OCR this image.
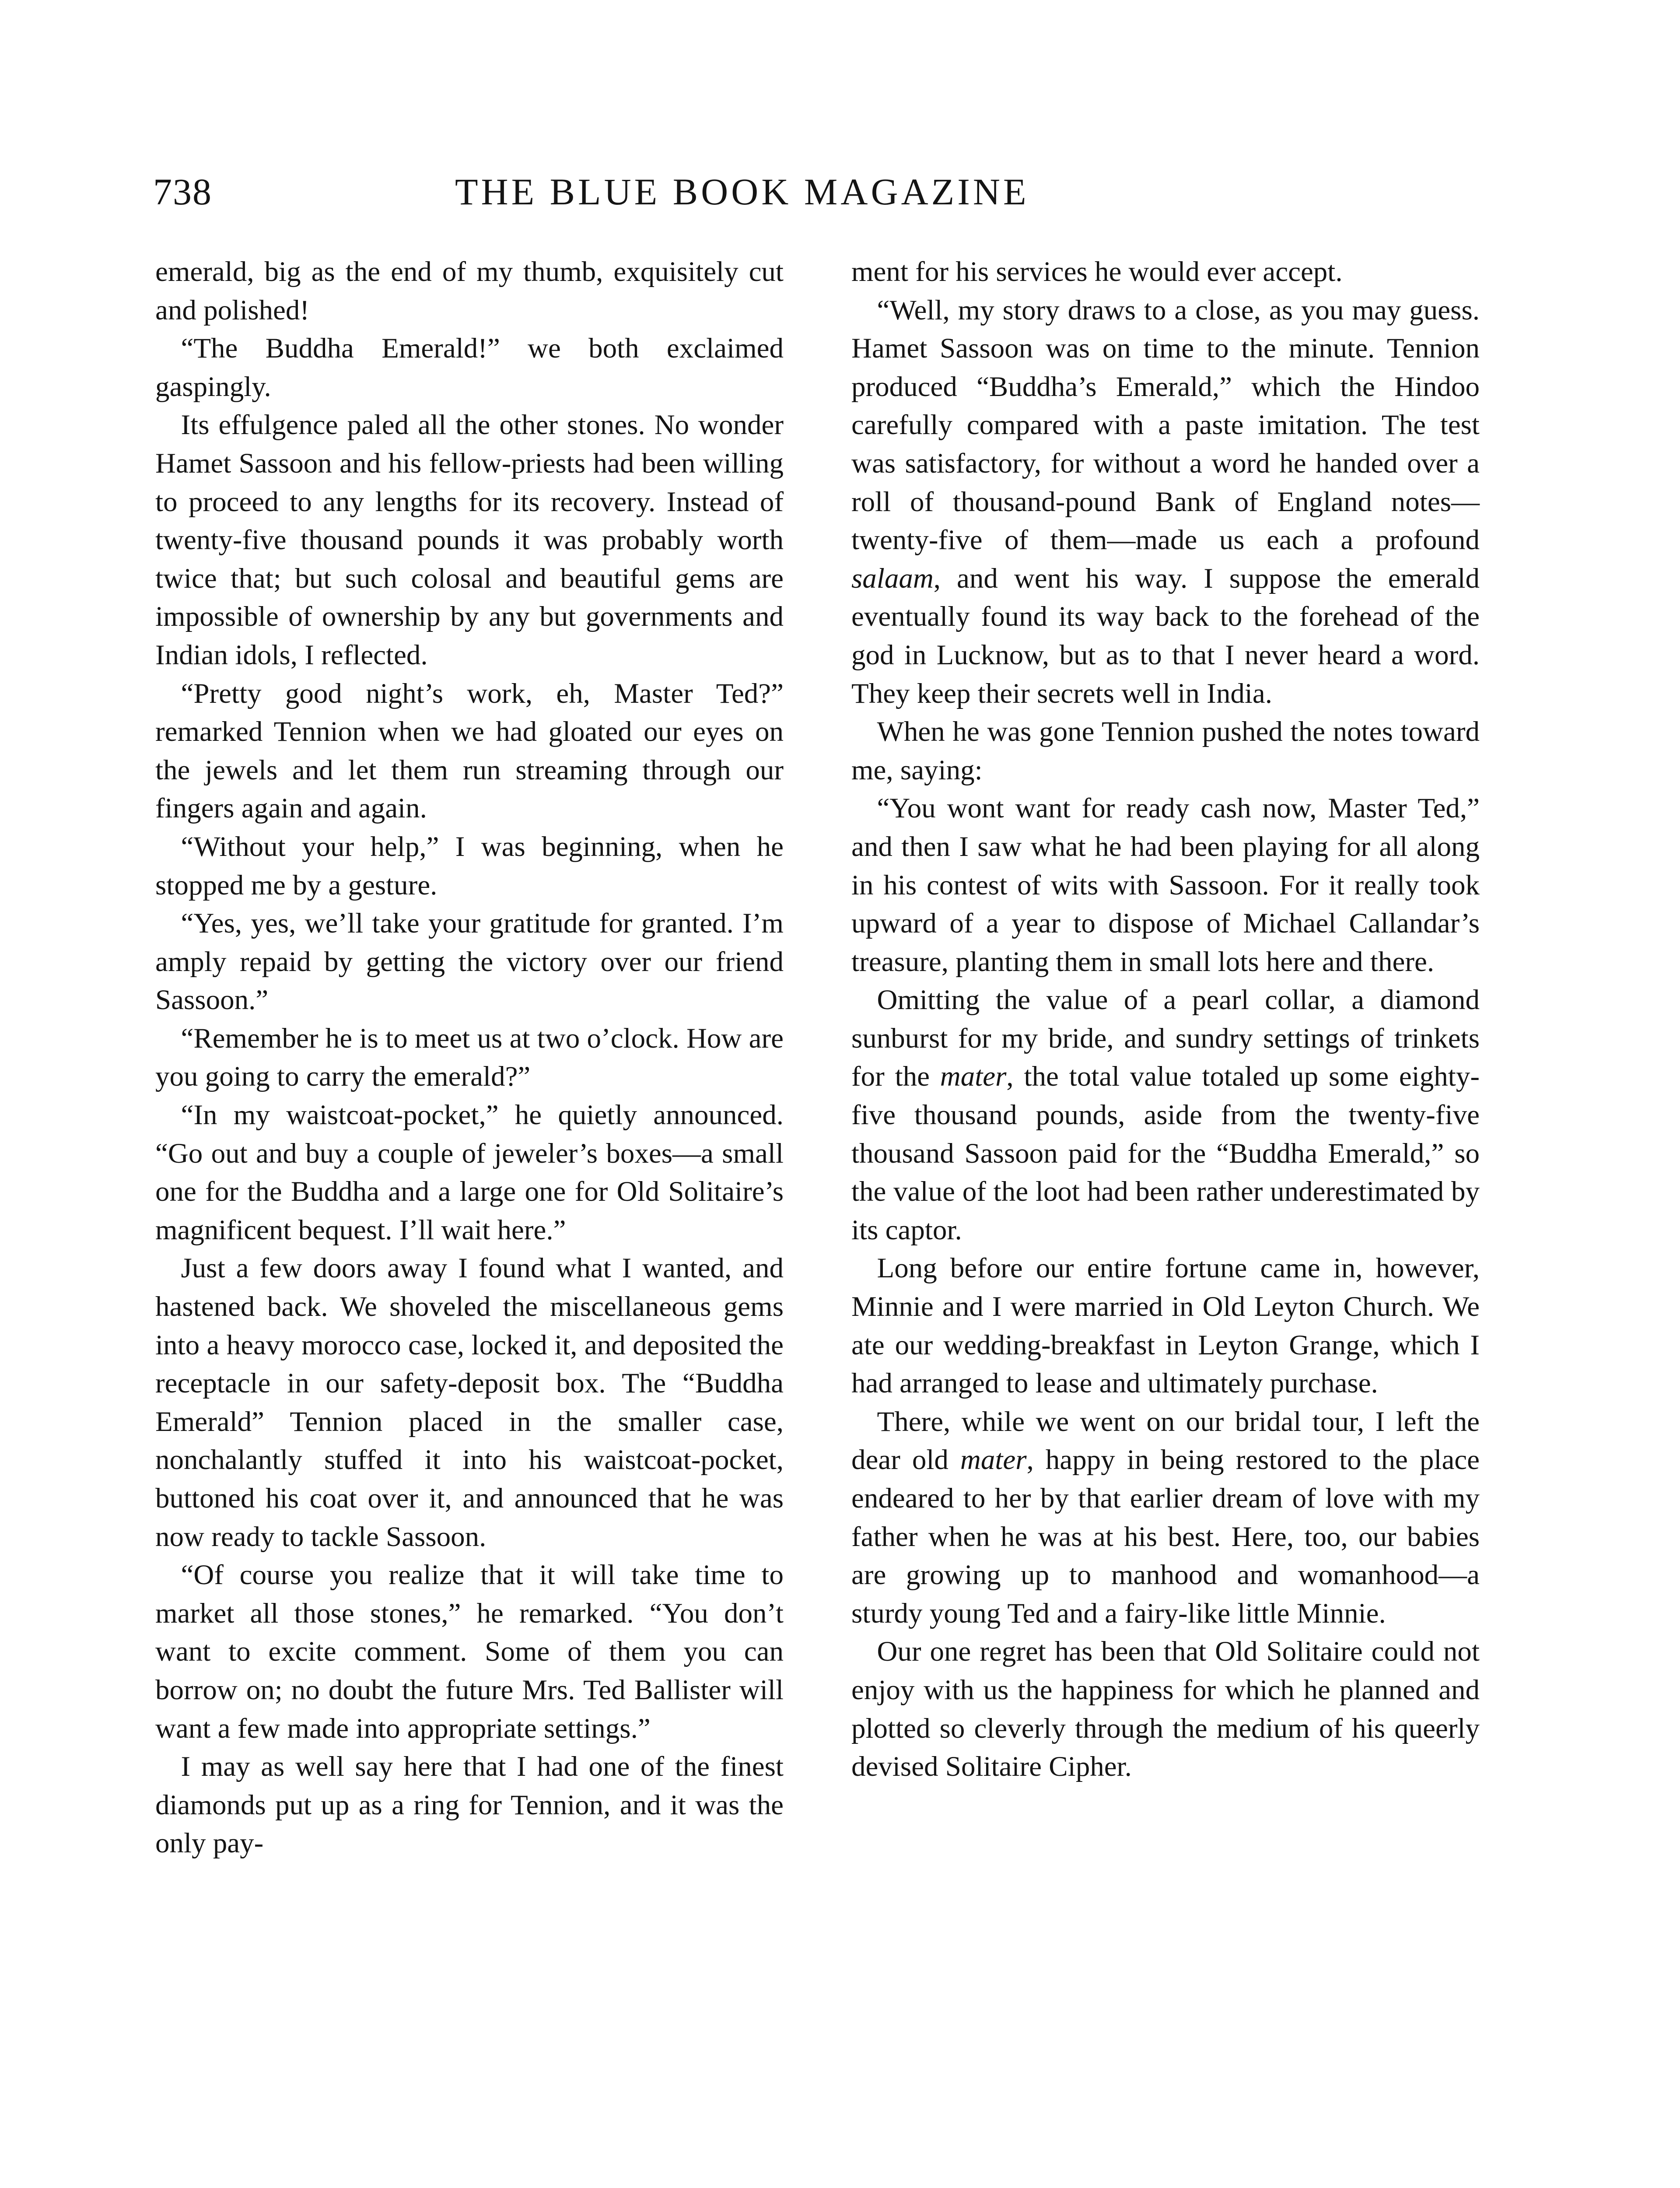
738	THE BLUE BOOK MAGAZINE

emerald, big as the end of my thumb, exquisitely cut and polished!

“The Buddha Emerald!” we both exclaimed gaspingly.

Its effulgence paled all the other stones. No wonder Hamet Sassoon and his fellow-priests had been willing to proceed to any lengths for its recovery. Instead of twenty-five thousand pounds it was probably worth twice that; but such colosal and beautiful gems are impossible of ownership by any but governments and Indian idols, I reflected.

“Pretty good night’s work, eh, Master Ted?” remarked Tennion when we had gloated our eyes on the jewels and let them run streaming through our fingers again and again.

“Without your help,” I was beginning, when he stopped me by a gesture.

“Yes, yes, we’ll take your gratitude for granted. I’m amply repaid by getting the victory over our friend Sassoon.”

“Remember he is to meet us at two o’clock. How are you going to carry the emerald?”

“In my waistcoat-pocket,” he quietly announced. “Go out and buy a couple of jeweler’s boxes—a small one for the Buddha and a large one for Old Solitaire’s magnificent bequest. I’ll wait here.”

Just a few doors away I found what I wanted, and hastened back. We shoveled the miscellaneous gems into a heavy morocco case, locked it, and deposited the receptacle in our safety-deposit box. The “Buddha Emerald” Tennion placed in the smaller case, nonchalantly stuffed it into his waistcoat-pocket, buttoned his coat over it, and announced that he was now ready to tackle Sassoon.

“Of course you realize that it will take time to market all those stones,” he remarked. “You don’t want to excite comment. Some of them you can borrow on; no doubt the future Mrs. Ted Ballister will want a few made into appropriate settings.”

I may as well say here that I had one of the finest diamonds put up as a ring for Tennion, and it was the only pay-

ment for his services he would ever accept.

“Well, my story draws to a close, as you may guess. Hamet Sassoon was on time to the minute. Tennion produced “Buddha’s Emerald,” which the Hindoo carefully compared with a paste imitation. The test was satisfactory, for without a word he handed over a roll of thousand-pound Bank of England notes—twenty-five of them—made us each a profound salaam, and went his way. I suppose the emerald eventually found its way back to the forehead of the god in Lucknow, but as to that I never heard a word. They keep their secrets well in India.

When he was gone Tennion pushed the notes toward me, saying:

“You wont want for ready cash now, Master Ted,” and then I saw what he had been playing for all along in his contest of wits with Sassoon. For it really took upward of a year to dispose of Michael Callandar’s treasure, planting them in small lots here and there.

Omitting the value of a pearl collar, a diamond sunburst for my bride, and sundry settings of trinkets for the mater, the total value totaled up some eighty-five thousand pounds, aside from the twenty-five thousand Sassoon paid for the “Buddha Emerald,” so the value of the loot had been rather underestimated by its captor.

Long before our entire fortune came in, however, Minnie and I were married in Old Leyton Church. We ate our wedding-breakfast in Leyton Grange, which I had arranged to lease and ultimately purchase.

There, while we went on our bridal tour, I left the dear old mater, happy in being restored to the place endeared to her by that earlier dream of love with my father when he was at his best. Here, too, our babies are growing up to manhood and womanhood—a sturdy young Ted and a fairy-like little Minnie.

Our one regret has been that Old Solitaire could not enjoy with us the happiness for which he planned and plotted so cleverly through the medium of his queerly devised Solitaire Cipher.
